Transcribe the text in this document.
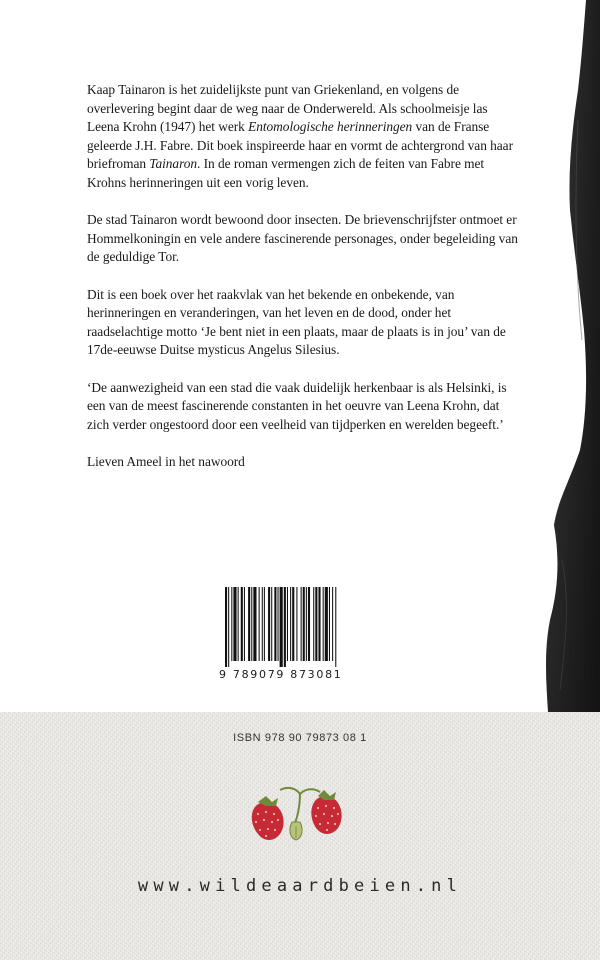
Kaap Tainaron is het zuidelijkste punt van Griekenland, en volgens de overlevering begint daar de weg naar de Onderwereld. Als schoolmeisje las Leena Krohn (1947) het werk Entomologische herinneringen van de Franse geleerde J.H. Fabre. Dit boek inspireerde haar en vormt de achtergrond van haar briefroman Tainaron. In de roman vermengen zich de feiten van Fabre met Krohns herinneringen uit een vorig leven.

De stad Tainaron wordt bewoond door insecten. De brievenschrijfster ontmoet er Hommelkoningin en vele andere fascinerende personages, onder begeleiding van de geduldige Tor.

Dit is een boek over het raakvlak van het bekende en onbekende, van herinneringen en veranderingen, van het leven en de dood, onder het raadselachtige motto ‘Je bent niet in een plaats, maar de plaats is in jou’ van de 17de-eeuwse Duitse mysticus Angelus Silesius.

‘De aanwezigheid van een stad die vaak duidelijk herkenbaar is als Helsinki, is een van de meest fascinerende constanten in het oeuvre van Leena Krohn, dat zich verder ongestoord door een veelheid van tijdperken en werelden begeeft.’

Lieven Ameel in het nawoord

9 789079 873081
ISBN 978 90 79873 08 1
www.wildeaardbeien.nl
